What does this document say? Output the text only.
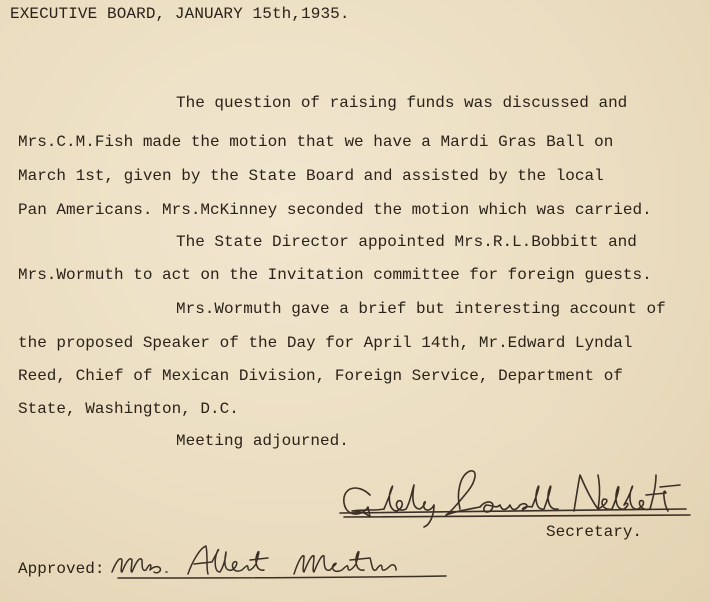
EXECUTIVE BOARD, JANUARY 15th,1935.
The question of raising funds was discussed and
Mrs.C.M.Fish made the motion that we have a Mardi Gras Ball on
March 1st, given by the State Board and assisted by the local
Pan Americans. Mrs.McKinney seconded the motion which was carried.
The State Director appointed Mrs.R.L.Bobbitt and
Mrs.Wormuth to act on the Invitation committee for foreign guests.
Mrs.Wormuth gave a brief but interesting account of
the proposed Speaker of the Day for April 14th, Mr.Edward Lyndal
Reed, Chief of Mexican Division, Foreign Service, Department of
State, Washington, D.C.
Meeting adjourned.
Secretary.
Approved:
